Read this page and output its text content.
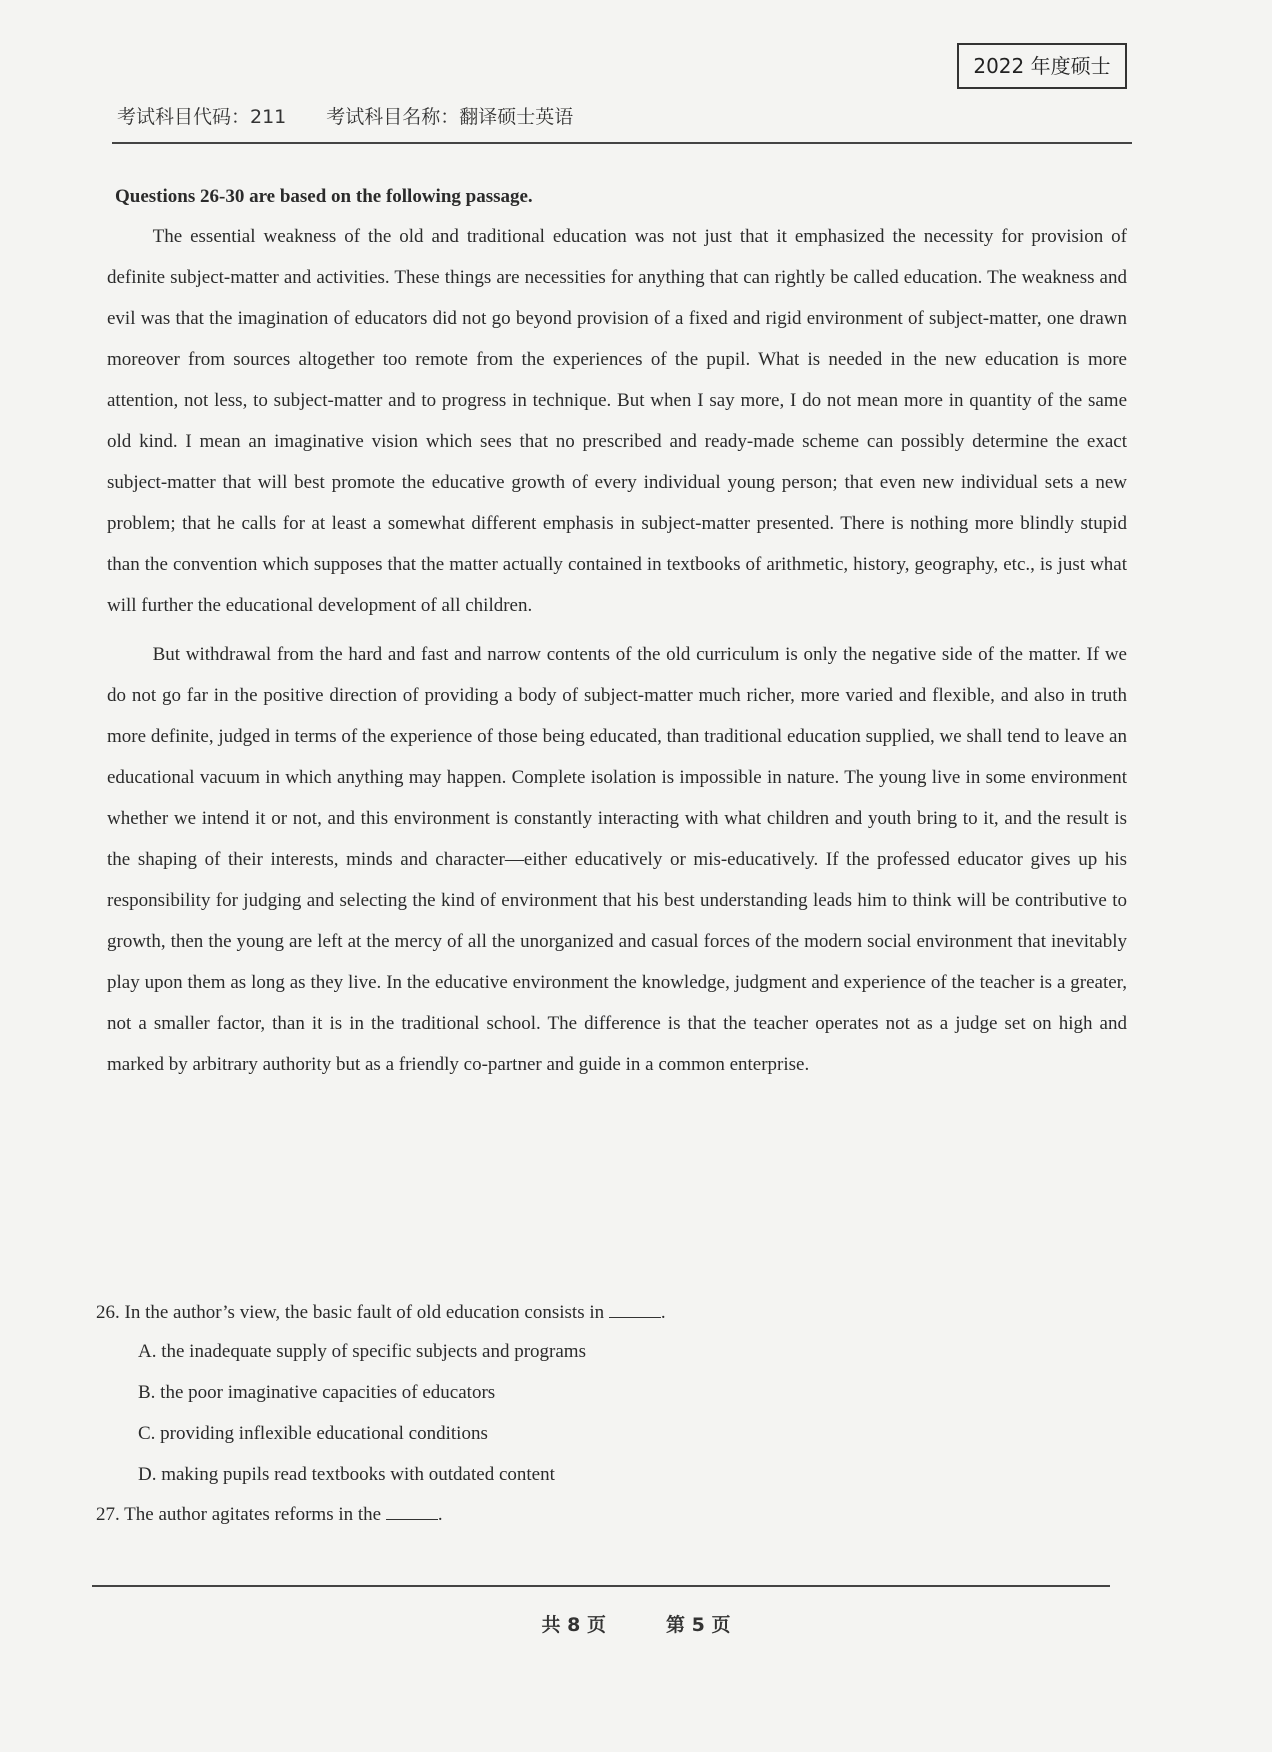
2022 年度硕士
考试科目代码：211 考试科目名称：翻译硕士英语
Questions 26-30 are based on the following passage.

The essential weakness of the old and traditional education was not just that it emphasized the necessity for provision of definite subject-matter and activities. These things are necessities for anything that can rightly be called education. The weakness and evil was that the imagination of educators did not go beyond provision of a fixed and rigid environment of subject-matter, one drawn moreover from sources altogether too remote from the experiences of the pupil. What is needed in the new education is more attention, not less, to subject-matter and to progress in technique. But when I say more, I do not mean more in quantity of the same old kind. I mean an imaginative vision which sees that no prescribed and ready-made scheme can possibly determine the exact subject-matter that will best promote the educative growth of every individual young person; that even new individual sets a new problem; that he calls for at least a somewhat different emphasis in subject-matter presented. There is nothing more blindly stupid than the convention which supposes that the matter actually contained in textbooks of arithmetic, history, geography, etc., is just what will further the educational development of all children.

But withdrawal from the hard and fast and narrow contents of the old curriculum is only the negative side of the matter. If we do not go far in the positive direction of providing a body of subject-matter much richer, more varied and flexible, and also in truth more definite, judged in terms of the experience of those being educated, than traditional education supplied, we shall tend to leave an educational vacuum in which anything may happen. Complete isolation is impossible in nature. The young live in some environment whether we intend it or not, and this environment is constantly interacting with what children and youth bring to it, and the result is the shaping of their interests, minds and character—either educatively or mis-educatively. If the professed educator gives up his responsibility for judging and selecting the kind of environment that his best understanding leads him to think will be contributive to growth, then the young are left at the mercy of all the unorganized and casual forces of the modern social environment that inevitably play upon them as long as they live. In the educative environment the knowledge, judgment and experience of the teacher is a greater, not a smaller factor, than it is in the traditional school. The difference is that the teacher operates not as a judge set on high and marked by arbitrary authority but as a friendly co-partner and guide in a common enterprise.

26. In the author’s view, the basic fault of old education consists in	.

A. the inadequate supply of specific subjects and programs

B. the poor imaginative capacities of educators

C. providing inflexible educational conditions

D. making pupils read textbooks with outdated content

27. The author agitates reforms in the	.

共 8 页	第 5 页
